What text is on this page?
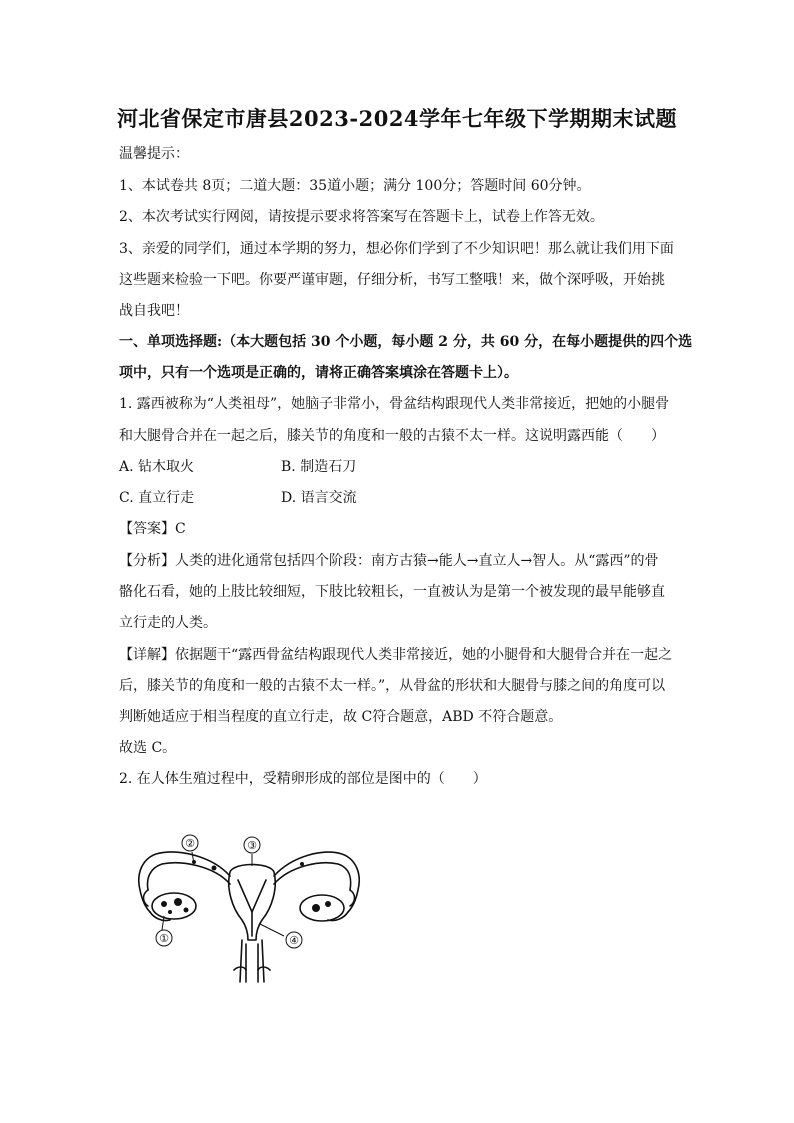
河北省保定市唐县2023-2024学年七年级下学期期末试题
温馨提示：
1、本试卷共 8页；二道大题：35道小题；满分 100分；答题时间 60分钟。
2、本次考试实行网阅，请按提示要求将答案写在答题卡上，试卷上作答无效。
3、亲爱的同学们，通过本学期的努力，想必你们学到了不少知识吧！那么就让我们用下面
这些题来检验一下吧。你要严谨审题，仔细分析，书写工整哦！来，做个深呼吸，开始挑
战自我吧！
一、单项选择题:（本大题包括 30 个小题，每小题 2 分，共 60 分，在每小题提供的四个选
项中，只有一个选项是正确的，请将正确答案填涂在答题卡上）。
1. 露西被称为“人类祖母”，她脑子非常小，骨盆结构跟现代人类非常接近，把她的小腿骨
和大腿骨合并在一起之后，膝关节的角度和一般的古猿不太一样。这说明露西能（　　）
A. 钻木取火	B. 制造石刀
C. 直立行走	D. 语言交流
【答案】C
【分析】人类的进化通常包括四个阶段：南方古猿→能人→直立人→智人。从“露西”的骨
骼化石看，她的上肢比较细短，下肢比较粗长，一直被认为是第一个被发现的最早能够直
立行走的人类。
【详解】依据题干“露西骨盆结构跟现代人类非常接近，她的小腿骨和大腿骨合并在一起之
后，膝关节的角度和一般的古猿不太一样。”，从骨盆的形状和大腿骨与膝之间的角度可以
判断她适应于相当程度的直立行走，故 C符合题意，ABD 不符合题意。
故选 C。
2. 在人体生殖过程中，受精卵形成的部位是图中的（　　）
①
②	③
④
